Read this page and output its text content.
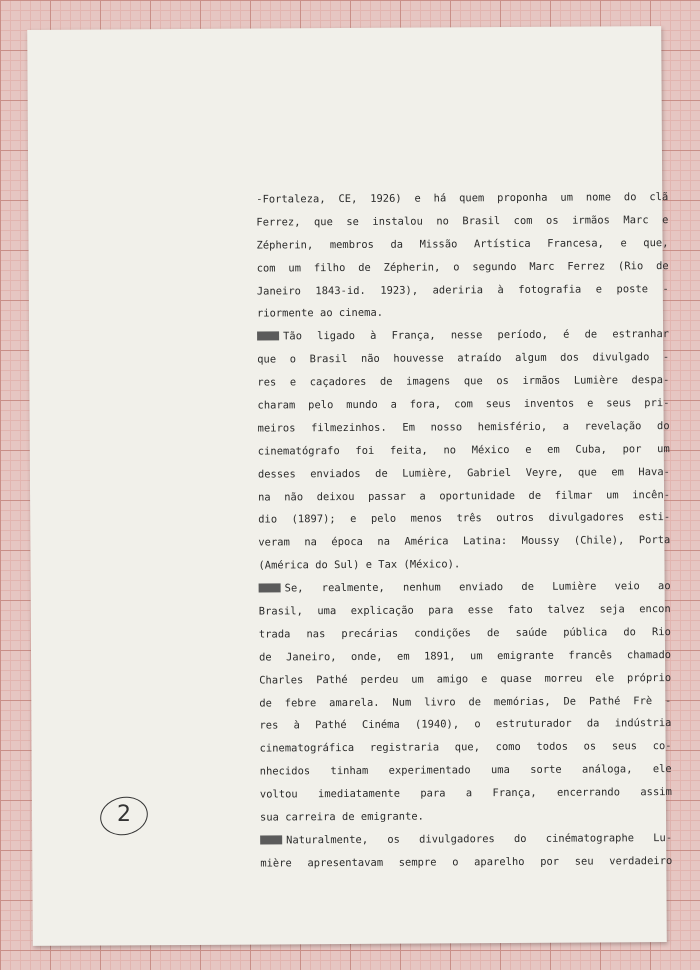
-Fortaleza, CE, 1926) e há quem proponha um nome do clã
Ferrez, que se instalou no Brasil com os irmãos Marc e
Zépherin, membros da Missão Artística Francesa, e que,
com um filho de Zépherin, o segundo Marc Ferrez (Rio de
Janeiro 1843-id. 1923), aderiria à fotografia e poste -
riormente ao cinema.
Tão ligado à França, nesse período, é de estranhar
que o Brasil não houvesse atraído algum dos divulgado -
res e caçadores de imagens que os irmãos Lumière despa-
charam pelo mundo a fora, com seus inventos e seus pri-
meiros filmezinhos. Em nosso hemisfério, a revelação do
cinematógrafo foi feita, no México e em Cuba, por um
desses enviados de Lumière, Gabriel Veyre, que em Hava-
na não deixou passar a oportunidade de filmar um incên-
dio (1897); e pelo menos três outros divulgadores esti-
veram na época na América Latina: Moussy (Chile), Porta
(América do Sul) e Tax (México).
Se, realmente, nenhum enviado de Lumière veio ao
Brasil, uma explicação para esse fato talvez seja encon
trada nas precárias condições de saúde pública do Rio
de Janeiro, onde, em 1891, um emigrante francês chamado
Charles Pathé perdeu um amigo e quase morreu ele próprio
de febre amarela. Num livro de memórias, De Pathé Frè -
res à Pathé Cinéma (1940), o estruturador da indústria
cinematográfica registraria que, como todos os seus co-
nhecidos tinham experimentado uma sorte análoga, ele
voltou imediatamente para a França, encerrando assim
sua carreira de emigrante.
Naturalmente, os divulgadores do cinématographe Lu-
mière apresentavam sempre o aparelho por seu verdadeiro
2
